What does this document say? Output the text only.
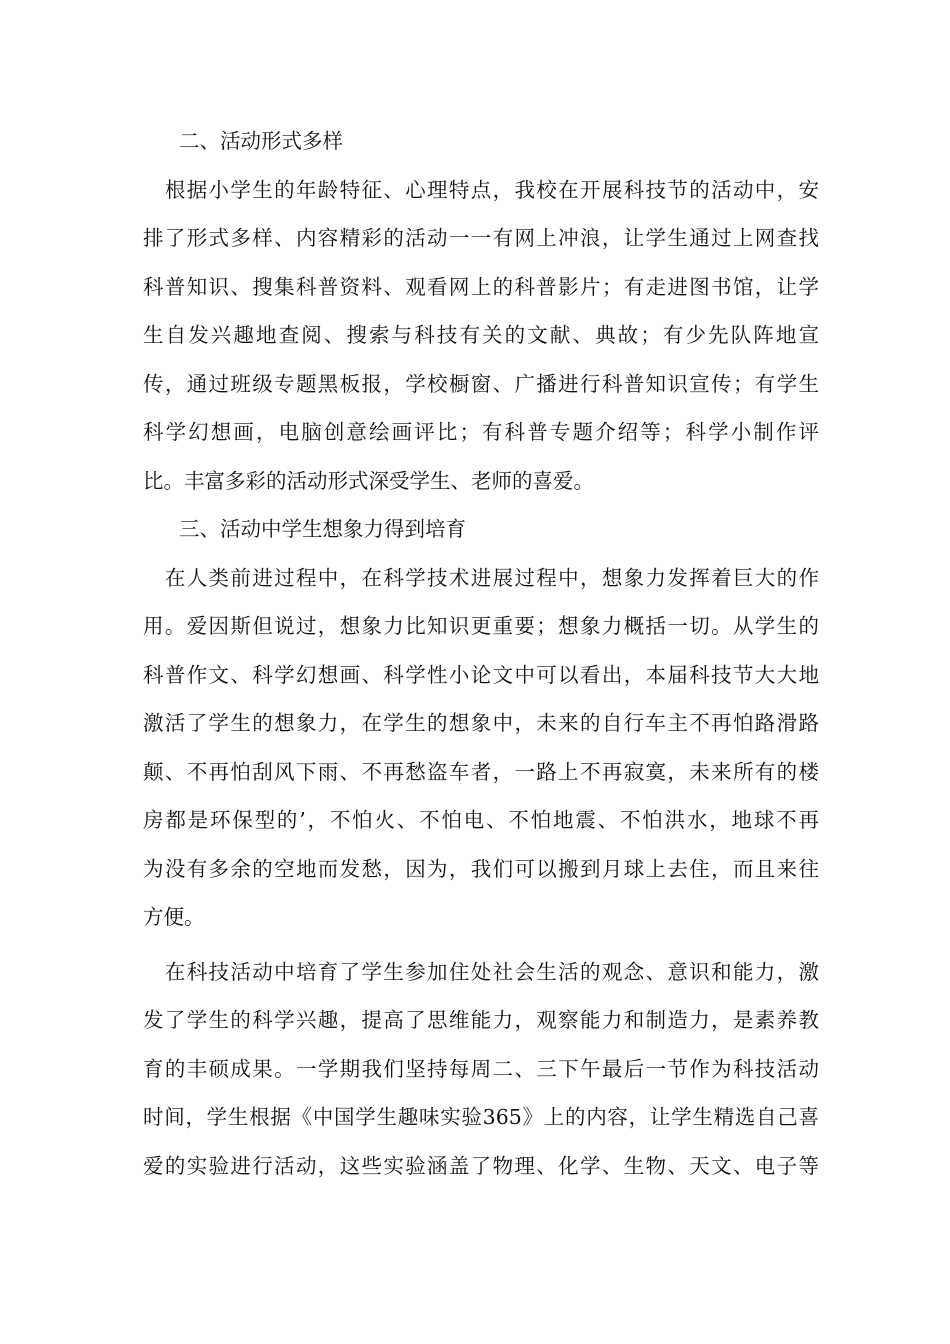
二、活动形式多样
　根据小学生的年龄特征、心理特点，我校在开展科技节的活动中，安
排了形式多样、内容精彩的活动一一有网上冲浪，让学生通过上网查找
科普知识、搜集科普资料、观看网上的科普影片；有走进图书馆，让学
生自发兴趣地查阅、搜索与科技有关的文献、典故；有少先队阵地宣
传，通过班级专题黑板报，学校橱窗、广播进行科普知识宣传；有学生
科学幻想画，电脑创意绘画评比；有科普专题介绍等；科学小制作评
比。丰富多彩的活动形式深受学生、老师的喜爱。
三、活动中学生想象力得到培育
　在人类前进过程中，在科学技术进展过程中，想象力发挥着巨大的作
用。爱因斯但说过，想象力比知识更重要；想象力概括一切。从学生的
科普作文、科学幻想画、科学性小论文中可以看出，本届科技节大大地
激活了学生的想象力，在学生的想象中，未来的自行车主不再怕路滑路
颠、不再怕刮风下雨、不再愁盗车者，一路上不再寂寞，未来所有的楼
房都是环保型的’，不怕火、不怕电、不怕地震、不怕洪水，地球不再
为没有多余的空地而发愁，因为，我们可以搬到月球上去住，而且来往
方便。
　在科技活动中培育了学生参加住处社会生活的观念、意识和能力，激
发了学生的科学兴趣，提高了思维能力，观察能力和制造力，是素养教
育的丰硕成果。一学期我们坚持每周二、三下午最后一节作为科技活动
时间，学生根据《中国学生趣味实验365》上的内容，让学生精选自己喜
爱的实验进行活动，这些实验涵盖了物理、化学、生物、天文、电子等
